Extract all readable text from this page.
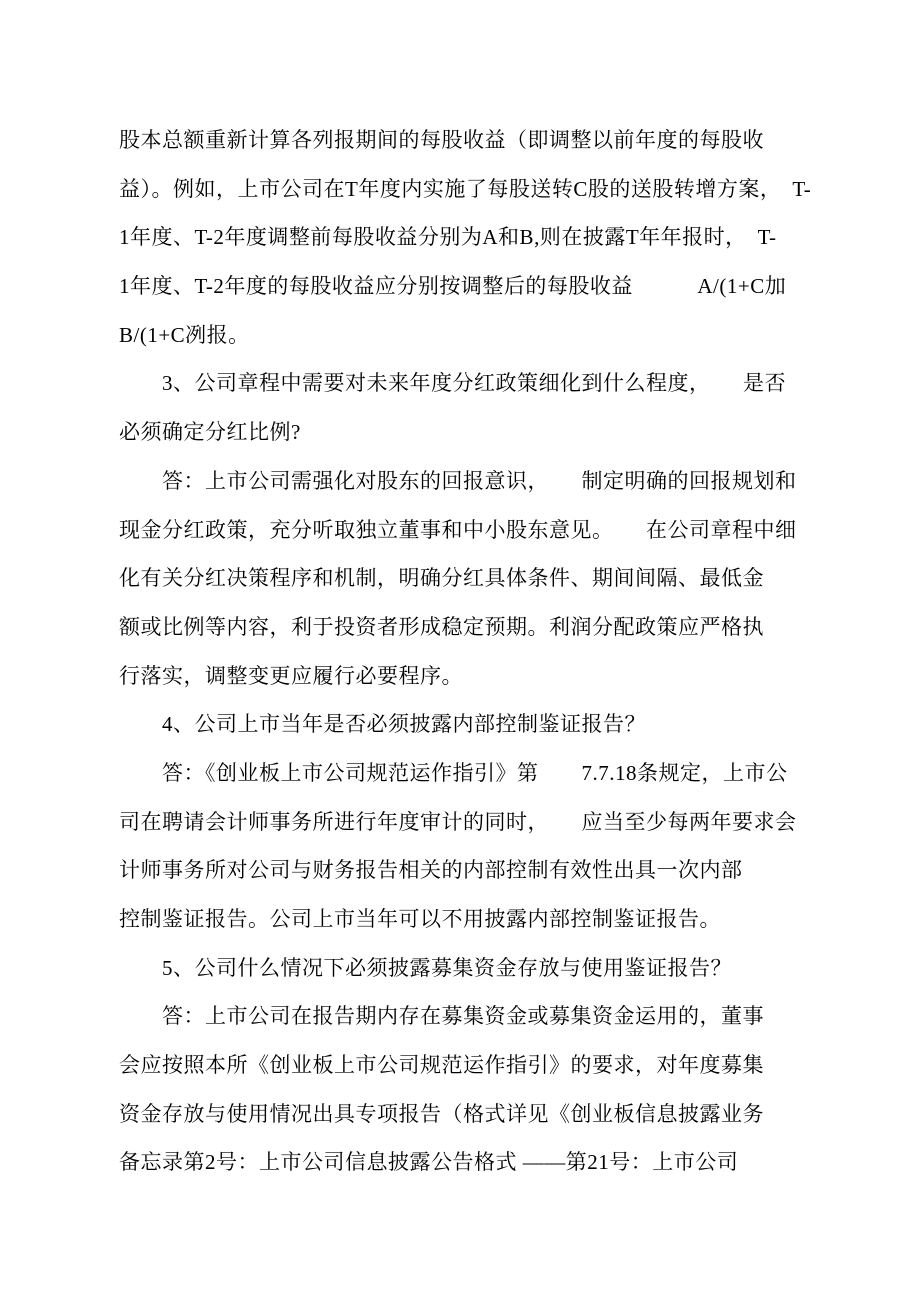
股本总额重新计算各列报期间的每股收益（即调整以前年度的每股收
益）。例如，上市公司在T年度内实施了每股送转C股的送股转增方案，　T-
1年度、T-2年度调整前每股收益分别为A和B,则在披露T年年报时，　T-
1年度、T-2年度的每股收益应分别按调整后的每股收益　　　A/(1+C加
B/(1+C冽报。
　　3、公司章程中需要对未来年度分红政策细化到什么程度，　　是否
必须确定分红比例?
　　答：上市公司需强化对股东的回报意识，　　制定明确的回报规划和
现金分红政策，充分听取独立董事和中小股东意见。　　在公司章程中细
化有关分红决策程序和机制，明确分红具体条件、期间间隔、最低金
额或比例等内容，利于投资者形成稳定预期。利润分配政策应严格执
行落实，调整变更应履行必要程序。
　　4、公司上市当年是否必须披露内部控制鉴证报告？
　　答：《创业板上市公司规范运作指引》第　　7.7.18条规定，上市公
司在聘请会计师事务所进行年度审计的同时，　　应当至少每两年要求会
计师事务所对公司与财务报告相关的内部控制有效性出具一次内部
控制鉴证报告。公司上市当年可以不用披露内部控制鉴证报告。
　　5、公司什么情况下必须披露募集资金存放与使用鉴证报告？
　　答：上市公司在报告期内存在募集资金或募集资金运用的，董事
会应按照本所《创业板上市公司规范运作指引》的要求，对年度募集
资金存放与使用情况出具专项报告（格式详见《创业板信息披露业务
备忘录第2号：上市公司信息披露公告格式 ——第21号：上市公司
